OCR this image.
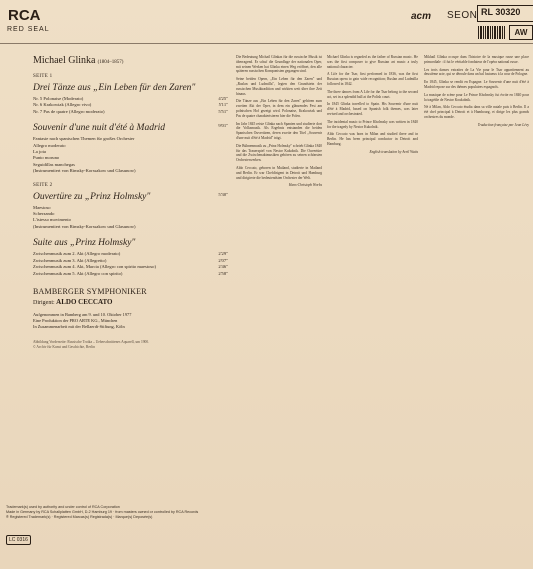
RCA
RED SEAL
acm SEON RL 30320
AW
Michael Glinka (1804–1857)
SEITE 1
Drei Tänze aus „Ein Leben für den Zaren"
Nr. 5 Polonaise (Moderato)	4'25"
Nr. 6 Krakowiak (Allegro vivo)	5'11"
Nr. 7 Pas de quatre (Allegro moderato)	5'51"
Souvenir d'une nuit d'été à Madrid	9'01"
Fantasie nach spanischen Themen für großes Orchester
Allegro moderato
La jota
Punto moruno
Seguidillas manchegas
(Instrumentiert von Rimsky-Korssakow und Glasunow)
SEITE 2
Ouvertüre zu „Prinz Holmsky"	5'30"
Maestoso
Scherzando
L'istesso movimento
(Instrumentiert von Rimsky-Korssakow und Glasunow)
Suite aus „Prinz Holmsky"
Zwischenmusik zum 2. Akt (Allegro moderato)	2'29"
Zwischenmusik zum 3. Akt (Allegretto)	2'07"
Zwischenmusik zum 4. Akt, Marcia (Allegro con spirito maestoso)	2'46"
Zwischenmusik zum 5. Akt (Allegro con spirito)	2'58"
BAMBERGER SYMPHONIKER
Dirigent: ALDO CECCATO
Aufgenommen in Bamberg am 9. und 10. Oktober 1977
Eine Produktion der PRO ARTE KG., München
In Zusammenarbeit mit der Bellaerdt-Stiftung, Köln
Abbildung Vorderseite: Russische Troika – Ueberschnittenes Aquarell, um 1900.
© Archiv für Kunst und Geschichte, Berlin

Die Bedeutung Michail Glinkas für die russische Musik ist überragend. Er schuf die Grundlage der nationalen Oper, mit seinen Werken hat Glinka einen Weg eröffnet, den alle späteren russischen Komponisten gegangen sind.

Seine beiden Opern, „Ein Leben für den Zaren" und „Ruslan und Ludmilla", legten den Grundstein der russischen Musiktradition und wirkten weit über ihre Zeit hinaus.

Die Tänze aus „Ein Leben für den Zaren" gehören zum zweiten Akt der Oper, in dem ein glänzendes Fest am polnischen Hof gezeigt wird. Polonaise, Krakowiak und Pas de quatre charakterisieren hier die Polen.

Im Jahr 1845 reiste Glinka nach Spanien und studierte dort die Volksmusik. Als Ergebnis entstanden die beiden Spanischen Ouvertüren, deren zweite den Titel „Souvenir d'une nuit d'été à Madrid" trägt.

Die Bühnenmusik zu „Prinz Holmsky" schrieb Glinka 1840 für das Trauerspiel von Nestor Kukolnik. Die Ouvertüre und die Zwischenaktmusiken gehören zu seinen schönsten Orchesterwerken.

Aldo Ceccato, geboren in Mailand, studierte in Mailand und Berlin. Er war Chefdirigent in Detroit und Hamburg und dirigierte die bedeutendsten Orchester der Welt.

Hans-Christoph Worbs

Michael Glinka is regarded as the father of Russian music. He was the first composer to give Russian art music a truly national character.

A Life for the Tsar, first performed in 1836, was the first Russian opera to gain wide recognition; Ruslan and Ludmilla followed in 1842.

The three dances from A Life for the Tsar belong to the second act, set in a splendid ball at the Polish court.

In 1845 Glinka travelled to Spain. His Souvenir d'une nuit d'été à Madrid, based on Spanish folk themes, was later revised and orchestrated.

The incidental music to Prince Kholmsky was written in 1840 for the tragedy by Nestor Kukolnik.

Aldo Ceccato was born in Milan and studied there and in Berlin. He has been principal conductor in Detroit and Hamburg.

English translation by Avril Watts

Mikhaïl Glinka occupe dans l'histoire de la musique russe une place primordiale : il fut le véritable fondateur de l'opéra national russe.

Les trois danses extraites de La Vie pour le Tsar appartiennent au deuxième acte, qui se déroule dans un bal fastueux à la cour de Pologne.

En 1845, Glinka se rendit en Espagne. Le Souvenir d'une nuit d'été à Madrid repose sur des thèmes populaires espagnols.

La musique de scène pour Le Prince Kholmsky fut écrite en 1840 pour la tragédie de Nestor Koukolnik.

Né à Milan, Aldo Ceccato étudia dans sa ville natale puis à Berlin. Il a été chef principal à Detroit et à Hambourg, et dirige les plus grands orchestres du monde.

Traduction française par Jean Lévy
Trademark(s) used by authority and under control of RCA Corporation
Made in Germany by RCA Schallplatten GmbH, D-2 Hamburg 19 · from masters owned or controlled by RCA Records
® Registered Trademark(s) · Registered Marcas(s) Registrada(s) · Marque(s) Deposée(s)
LC 0316
